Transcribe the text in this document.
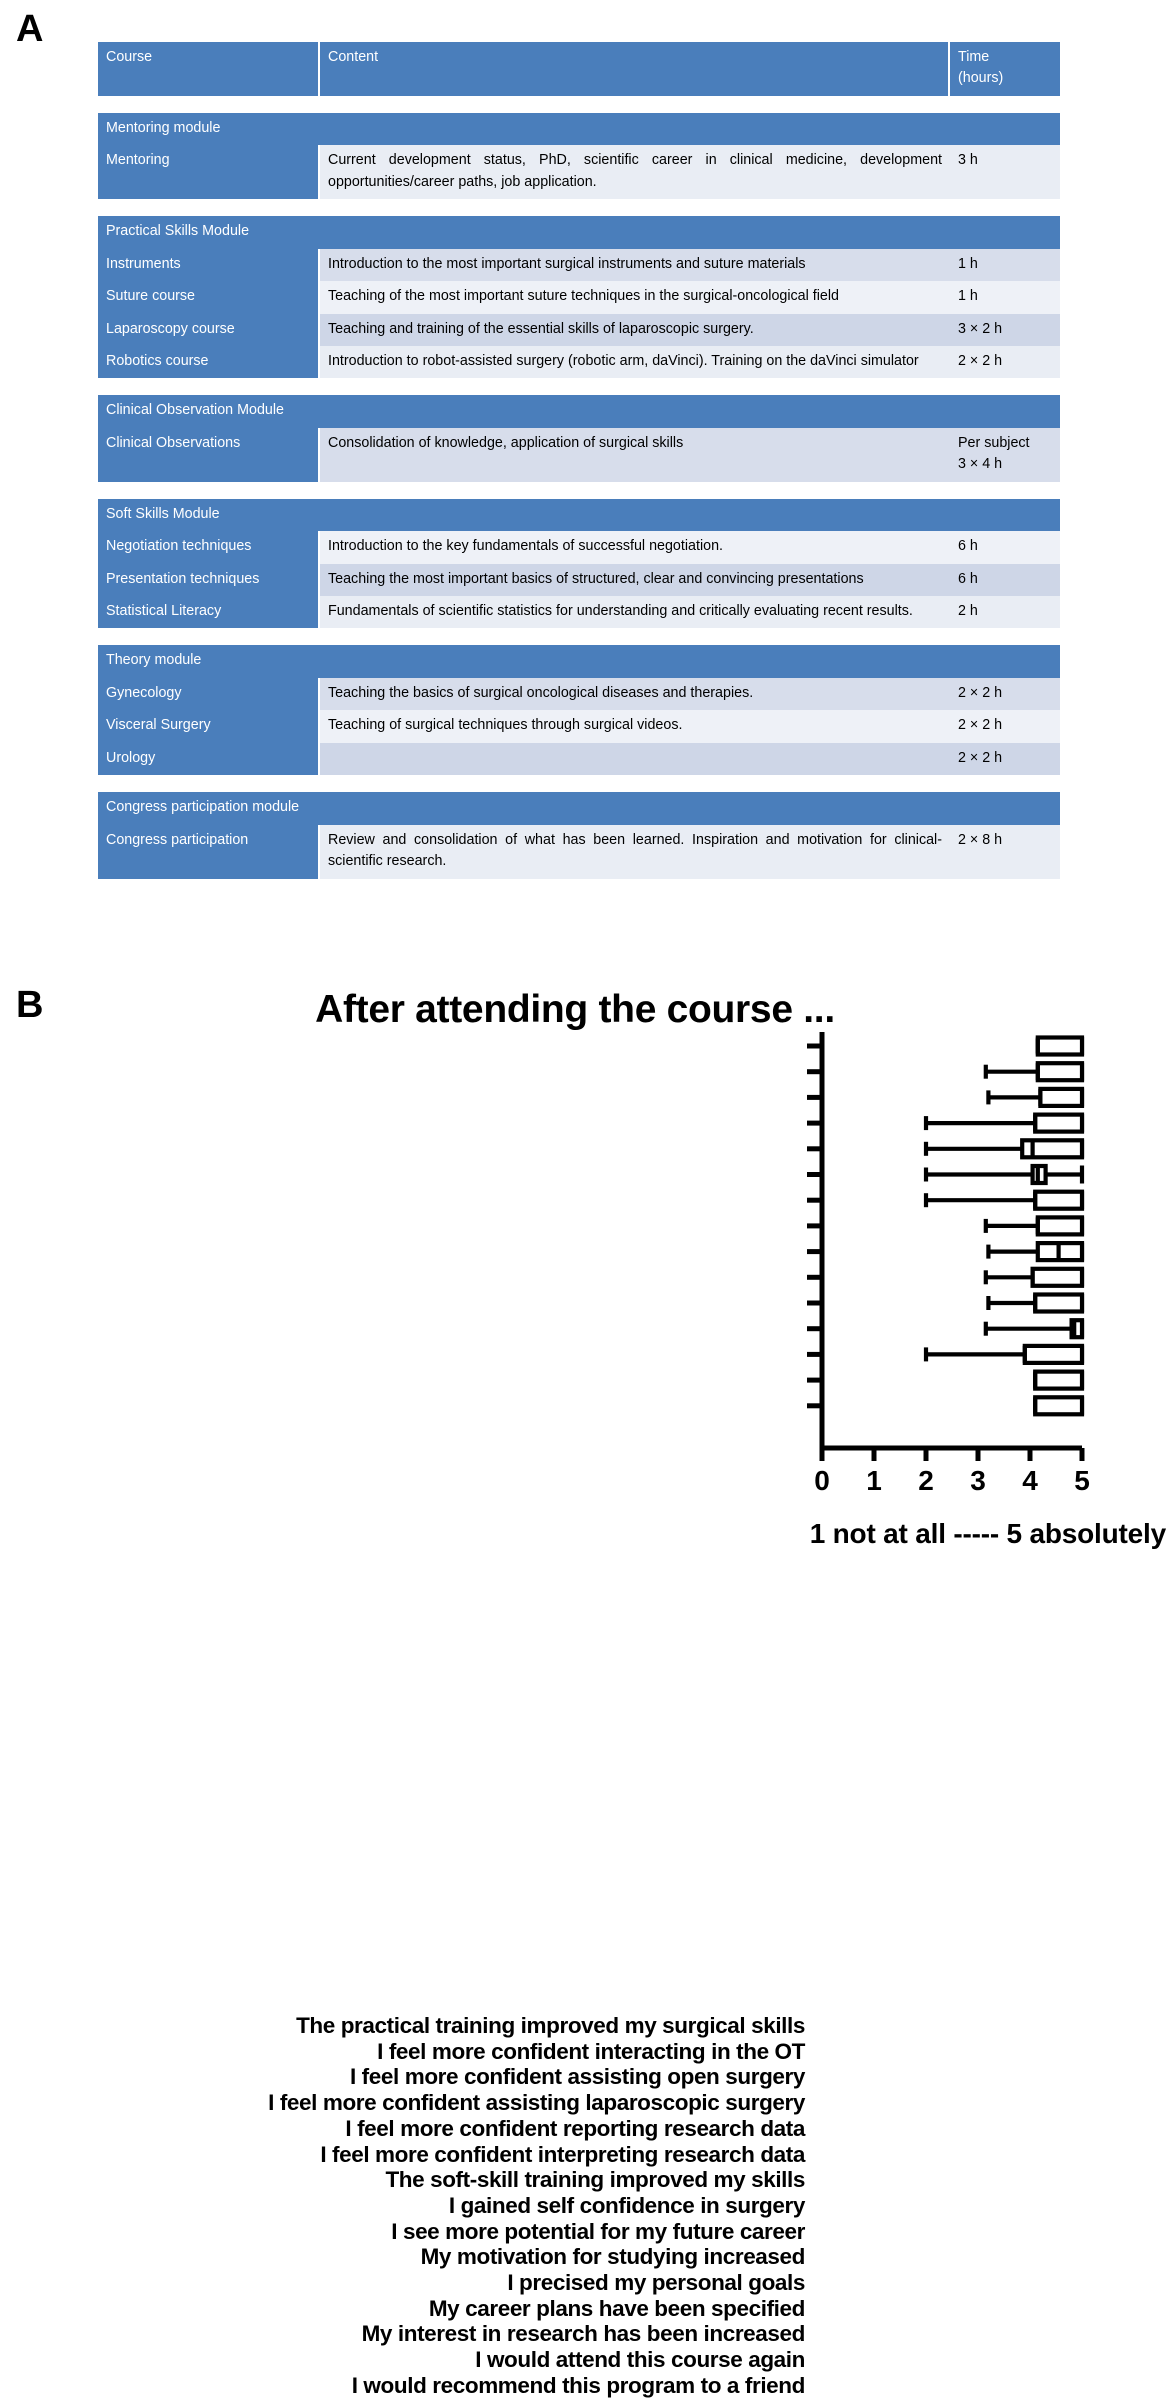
A
Course	Content	Time
(hours)

Mentoring module		
Mentoring	Current development status, PhD, scientific career in clinical medicine, development opportunities/career paths, job application.	3 h

Practical Skills Module		
Instruments	Introduction to the most important surgical instruments and suture materials	1 h
Suture course	Teaching of the most important suture techniques in the surgical-oncological field	1 h
Laparoscopy course	Teaching and training of the essential skills of laparoscopic surgery.	3 × 2 h
Robotics course	Introduction to robot-assisted surgery (robotic arm, daVinci). Training on the daVinci simulator	2 × 2 h

Clinical Observation Module		
Clinical Observations	Consolidation of knowledge, application of surgical skills	Per subject
3 × 4 h

Soft Skills Module		
Negotiation techniques	Introduction to the key fundamentals of successful negotiation.	6 h
Presentation techniques	Teaching the most important basics of structured, clear and convincing presentations	6 h
Statistical Literacy	Fundamentals of scientific statistics for understanding and critically evaluating recent results.	2 h

Theory module		
Gynecology	Teaching the basics of surgical oncological diseases and therapies.	2 × 2 h
Visceral Surgery	Teaching of surgical techniques through surgical videos.	2 × 2 h
Urology		2 × 2 h

Congress participation module		
Congress participation	Review and consolidation of what has been learned. Inspiration and motivation for clinical-scientific research.	2 × 8 h
B	After attending the course ...
The practical training improved my surgical skills
I feel more confident interacting in the OT
I feel more confident assisting open surgery
I feel more confident assisting laparoscopic surgery
I feel more confident reporting research data
I feel more confident interpreting research data
The soft-skill training improved my skills
I gained self confidence in surgery
I see more potential for my future career
My motivation for studying increased
I precised my personal goals
My career plans have been specified
My interest in research has been increased
I would attend this course again
I would recommend this program to a friend
0	1	2	3	4	5
1 not at all ----- 5 absolutely
